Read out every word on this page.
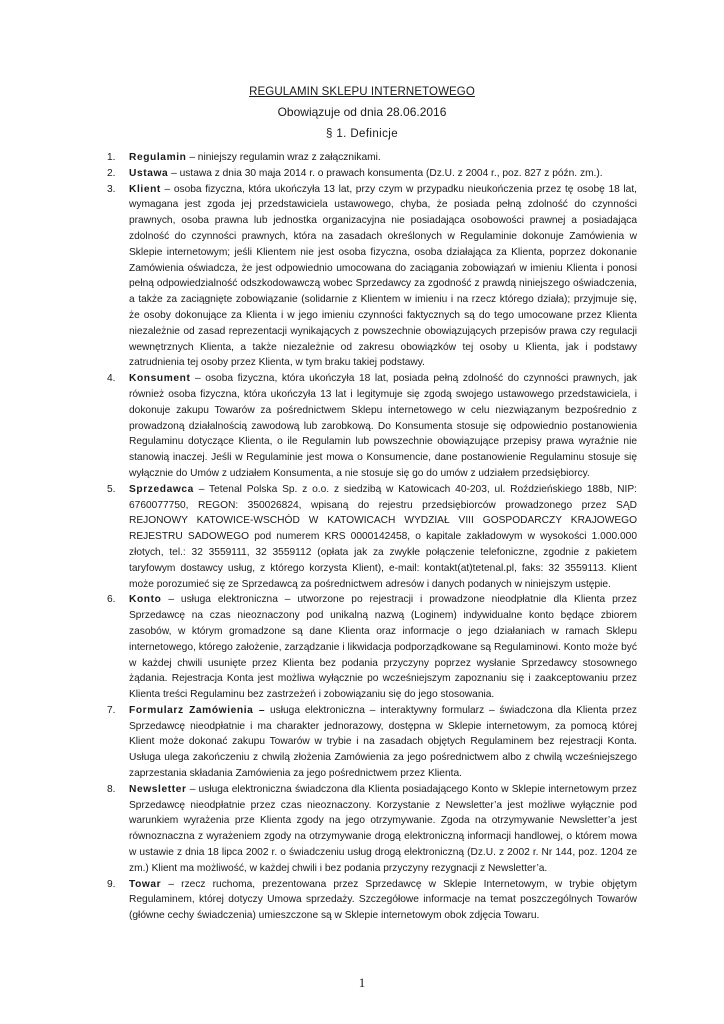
REGULAMIN SKLEPU INTERNETOWEGO
Obowiązuje od dnia 28.06.2016
§ 1. Definicje
1. Regulamin – niniejszy regulamin wraz z załącznikami.
2. Ustawa – ustawa z dnia 30 maja 2014 r. o prawach konsumenta (Dz.U. z 2004 r., poz. 827 z późn. zm.).
3. Klient – osoba fizyczna, która ukończyła 13 lat, przy czym w przypadku nieukończenia przez tę osobę 18 lat, wymagana jest zgoda jej przedstawiciela ustawowego, chyba, że posiada pełną zdolność do czynności prawnych, osoba prawna lub jednostka organizacyjna nie posiadająca osobowości prawnej a posiadająca zdolność do czynności prawnych, która na zasadach określonych w Regulaminie dokonuje Zamówienia w Sklepie internetowym; jeśli Klientem nie jest osoba fizyczna, osoba działająca za Klienta, poprzez dokonanie Zamówienia oświadcza, że jest odpowiednio umocowana do zaciągania zobowiązań w imieniu Klienta i ponosi pełną odpowiedzialność odszkodowawczą wobec Sprzedawcy za zgodność z prawdą niniejszego oświadczenia, a także za zaciągnięte zobowiązanie (solidarnie z Klientem w imieniu i na rzecz którego działa); przyjmuje się, że osoby dokonujące za Klienta i w jego imieniu czynności faktycznych są do tego umocowane przez Klienta niezależnie od zasad reprezentacji wynikających z powszechnie obowiązujących przepisów prawa czy regulacji wewnętrznych Klienta, a także niezależnie od zakresu obowiązków tej osoby u Klienta, jak i podstawy zatrudnienia tej osoby przez Klienta, w tym braku takiej podstawy.
4. Konsument – osoba fizyczna, która ukończyła 18 lat, posiada pełną zdolność do czynności prawnych, jak również osoba fizyczna, która ukończyła 13 lat i legitymuje się zgodą swojego ustawowego przedstawiciela, i dokonuje zakupu Towarów za pośrednictwem Sklepu internetowego w celu niezwiązanym bezpośrednio z prowadzoną działalnością zawodową lub zarobkową. Do Konsumenta stosuje się odpowiednio postanowienia Regulaminu dotyczące Klienta, o ile Regulamin lub powszechnie obowiązujące przepisy prawa wyraźnie nie stanowią inaczej. Jeśli w Regulaminie jest mowa o Konsumencie, dane postanowienie Regulaminu stosuje się wyłącznie do Umów z udziałem Konsumenta, a nie stosuje się go do umów z udziałem przedsiębiorcy.
5. Sprzedawca – Tetenal Polska Sp. z o.o. z siedzibą w Katowicach 40-203, ul. Roździeńskiego 188b, NIP: 6760077750, REGON: 350026824, wpisaną do rejestru przedsiębiorców prowadzonego przez SĄD REJONOWY KATOWICE-WSCHÓD W KATOWICACH WYDZIAŁ VIII GOSPODARCZY KRAJOWEGO REJESTRU SADOWEGO pod numerem KRS 0000142458, o kapitale zakładowym w wysokości 1.000.000 złotych, tel.: 32 3559111, 32 3559112 (opłata jak za zwykłe połączenie telefoniczne, zgodnie z pakietem taryfowym dostawcy usług, z którego korzysta Klient), e-mail: kontakt(at)tetenal.pl, faks: 32 3559113. Klient może porozumieć się ze Sprzedawcą za pośrednictwem adresów i danych podanych w niniejszym ustępie.
6. Konto – usługa elektroniczna – utworzone po rejestracji i prowadzone nieodpłatnie dla Klienta przez Sprzedawcę na czas nieoznaczony pod unikalną nazwą (Loginem) indywidualne konto będące zbiorem zasobów, w którym gromadzone są dane Klienta oraz informacje o jego działaniach w ramach Sklepu internetowego, którego założenie, zarządzanie i likwidacja podporządkowane są Regulaminowi. Konto może być w każdej chwili usunięte przez Klienta bez podania przyczyny poprzez wysłanie Sprzedawcy stosownego żądania. Rejestracja Konta jest możliwa wyłącznie po wcześniejszym zapoznaniu się i zaakceptowaniu przez Klienta treści Regulaminu bez zastrzeżeń i zobowiązaniu się do jego stosowania.
7. Formularz Zamówienia – usługa elektroniczna – interaktywny formularz – świadczona dla Klienta przez Sprzedawcę nieodpłatnie i ma charakter jednorazowy, dostępna w Sklepie internetowym, za pomocą której Klient może dokonać zakupu Towarów w trybie i na zasadach objętych Regulaminem bez rejestracji Konta. Usługa ulega zakończeniu z chwilą złożenia Zamówienia za jego pośrednictwem albo z chwilą wcześniejszego zaprzestania składania Zamówienia za jego pośrednictwem przez Klienta.
8. Newsletter – usługa elektroniczna świadczona dla Klienta posiadającego Konto w Sklepie internetowym przez Sprzedawcę nieodpłatnie przez czas nieoznaczony. Korzystanie z Newsletter’a jest możliwe wyłącznie pod warunkiem wyrażenia prze Klienta zgody na jego otrzymywanie. Zgoda na otrzymywanie Newsletter’a jest równoznaczna z wyrażeniem zgody na otrzymywanie drogą elektroniczną informacji handlowej, o którem mowa w ustawie z dnia 18 lipca 2002 r. o świadczeniu usług drogą elektroniczną (Dz.U. z 2002 r. Nr 144, poz. 1204 ze zm.) Klient ma możliwość, w każdej chwili i bez podania przyczyny rezygnacji z Newsletter’a.
9. Towar – rzecz ruchoma, prezentowana przez Sprzedawcę w Sklepie Internetowym, w trybie objętym Regulaminem, której dotyczy Umowa sprzedaży. Szczegółowe informacje na temat poszczególnych Towarów (główne cechy świadczenia) umieszczone są w Sklepie internetowym obok zdjęcia Towaru.
1
